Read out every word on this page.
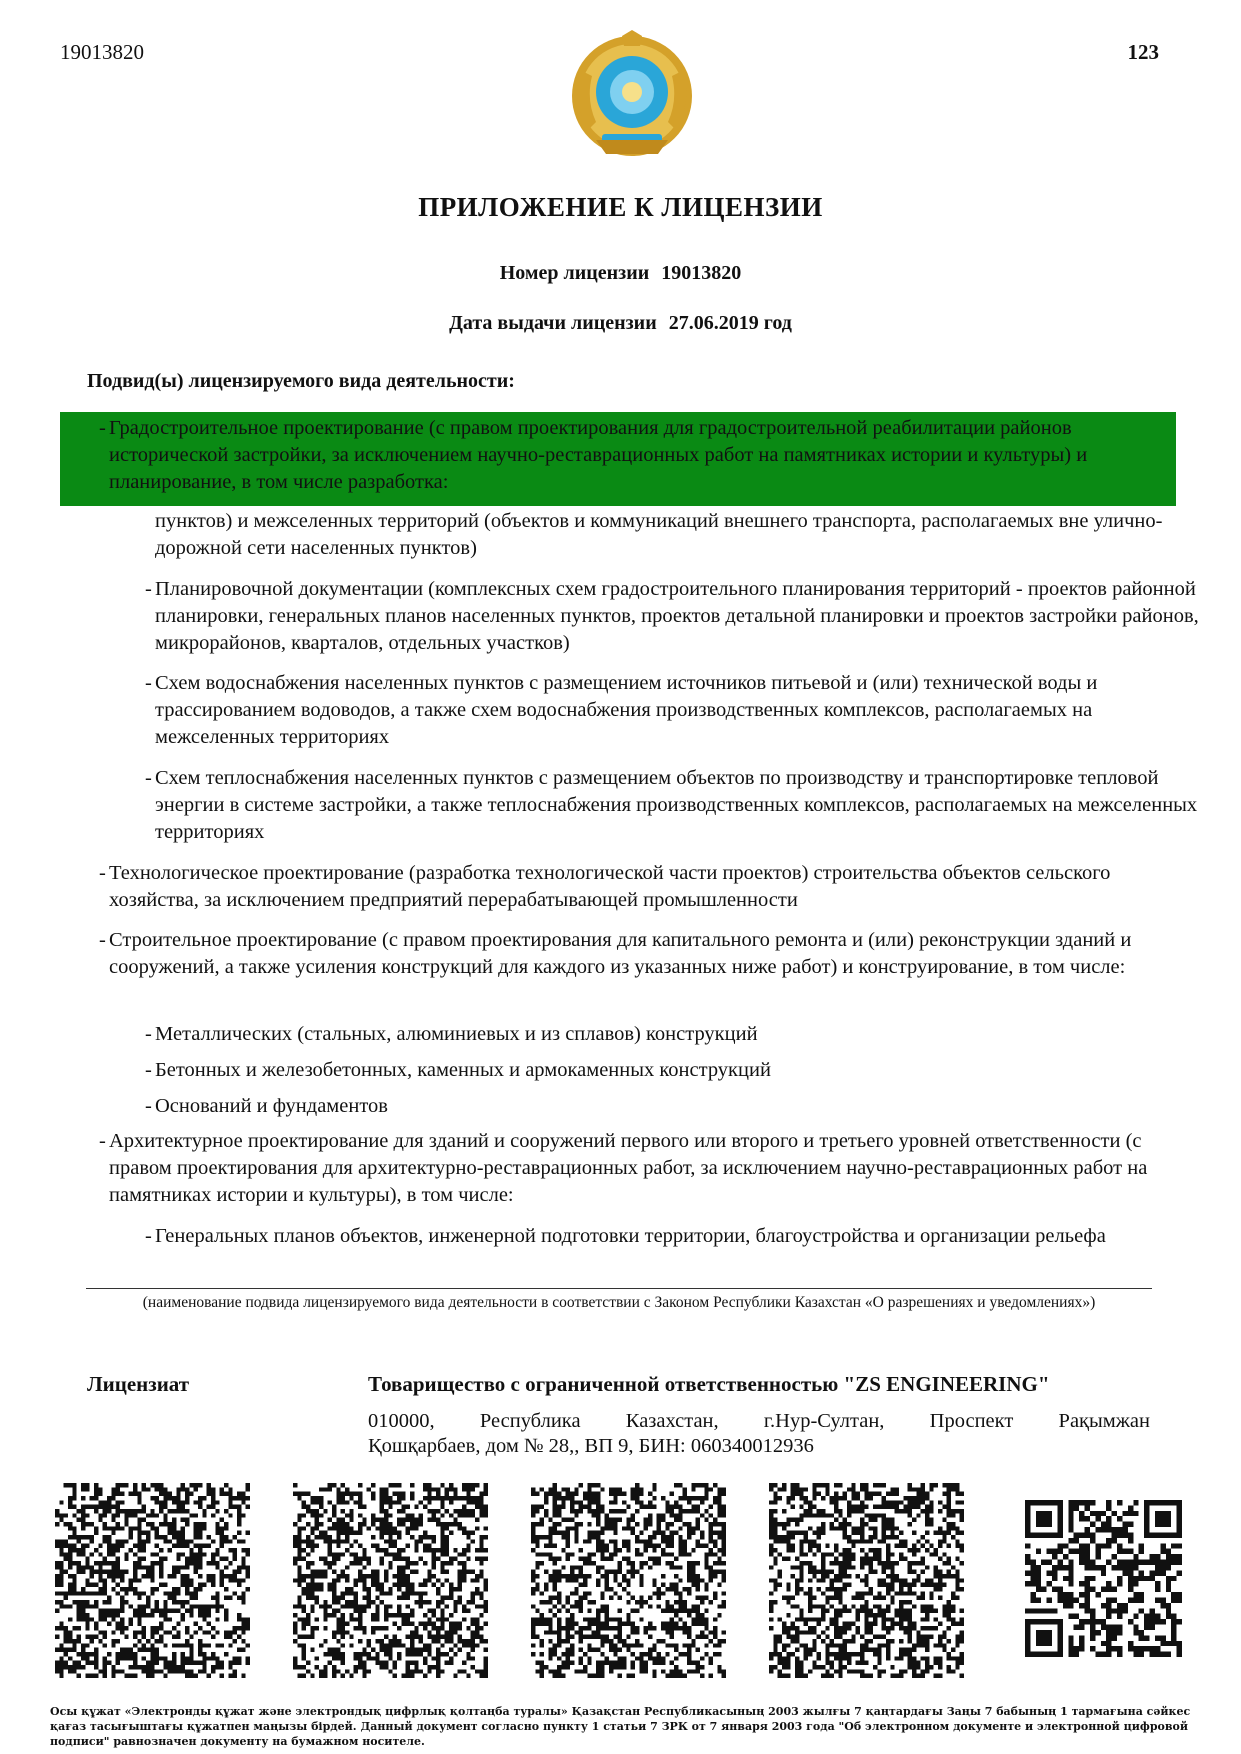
19013820	123
ПРИЛОЖЕНИЕ К ЛИЦЕНЗИИ
Номер лицензии 19013820
Дата выдачи лицензии 27.06.2019 год
Подвид(ы) лицензируемого вида деятельности:
- Градостроительное проектирование (с правом проектирования для градостроительной реабилитации районов исторической застройки, за исключением научно-реставрационных работ на памятниках истории и культуры) и планирование, в том числе разработка:
пунктов) и межселенных территорий (объектов и коммуникаций внешнего транспорта, располагаемых вне улично-дорожной сети населенных пунктов)
- Планировочной документации (комплексных схем градостроительного планирования территорий - проектов районной планировки, генеральных планов населенных пунктов, проектов детальной планировки и проектов застройки районов, микрорайонов, кварталов, отдельных участков)
- Схем водоснабжения населенных пунктов с размещением источников питьевой и (или) технической воды и трассированием водоводов, а также схем водоснабжения производственных комплексов, располагаемых на межселенных территориях
- Схем теплоснабжения населенных пунктов с размещением объектов по производству и транспортировке тепловой энергии в системе застройки, а также теплоснабжения производственных комплексов, располагаемых на межселенных территориях
- Технологическое проектирование (разработка технологической части проектов) строительства объектов сельского хозяйства, за исключением предприятий перерабатывающей промышленности
- Строительное проектирование (с правом проектирования для капитального ремонта и (или) реконструкции зданий и сооружений, а также усиления конструкций для каждого из указанных ниже работ) и конструирование, в том числе:
- Металлических (стальных, алюминиевых и из сплавов) конструкций
- Бетонных и железобетонных, каменных и армокаменных конструкций
- Оснований и фундаментов
- Архитектурное проектирование для зданий и сооружений первого или второго и третьего уровней ответственности (с правом проектирования для архитектурно-реставрационных работ, за исключением научно-реставрационных работ на памятниках истории и культуры), в том числе:
- Генеральных планов объектов, инженерной подготовки территории, благоустройства и организации рельефа
(наименование подвида лицензируемого вида деятельности в соответствии с Законом Республики Казахстан «О разрешениях и уведомлениях»)
Лицензиат	Товарищество с ограниченной ответственностью "ZS ENGINEERING"
010000, Республика Казахстан, г.Нур-Султан, Проспект Рақымжан
Қошқарбаев, дом № 28,, ВП 9, БИН: 060340012936
Осы құжат «Электронды құжат және электрондық цифрлық қолтаңба туралы» Қазақстан Республикасының 2003 жылғы 7 қаңтардағы Заңы 7 бабының 1 тармағына сәйкес қағаз тасығыштағы құжатпен маңызы бірдей. Данный документ согласно пункту 1 статьи 7 ЗРК от 7 января 2003 года "Об электронном документе и электронной цифровой подписи" равнозначен документу на бумажном носителе.
